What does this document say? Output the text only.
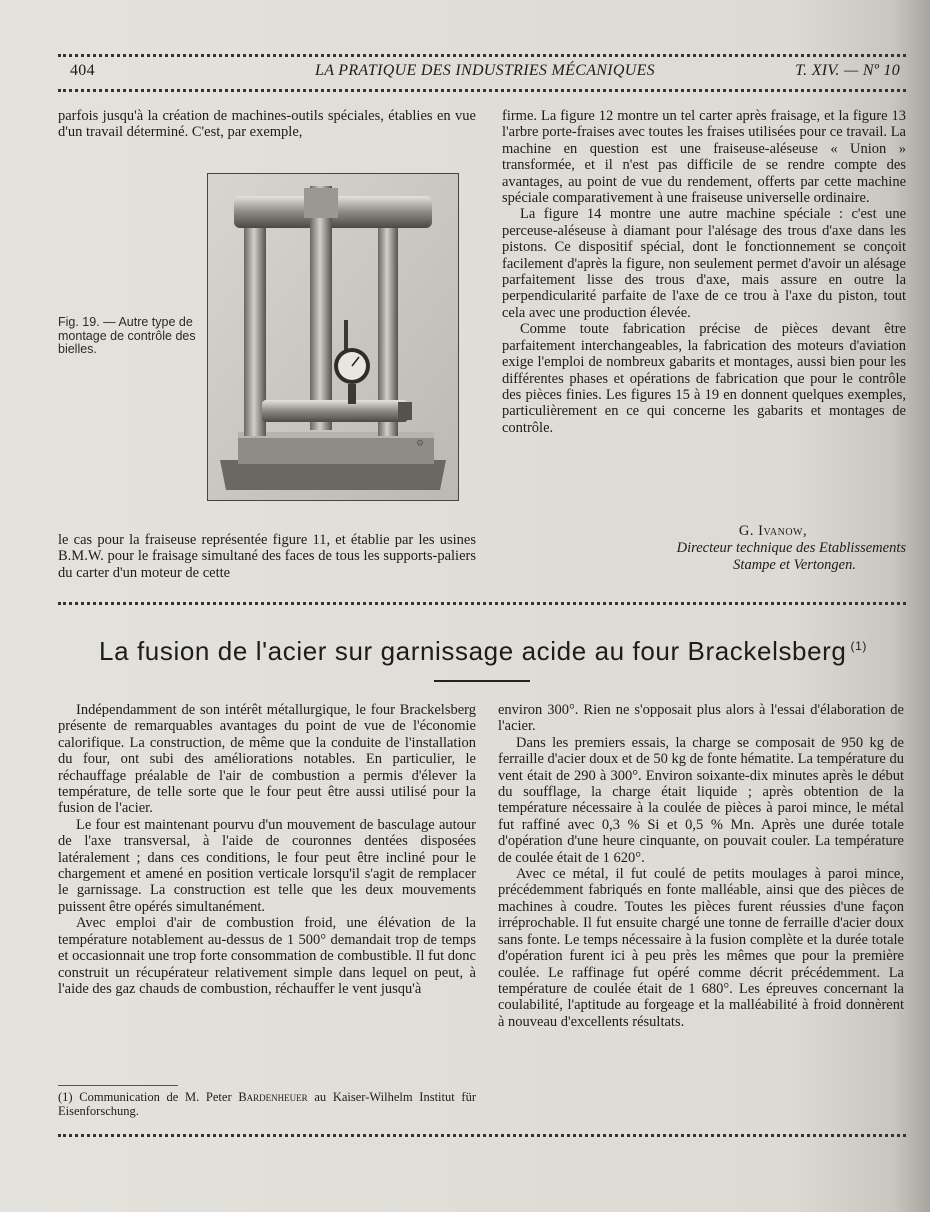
404	LA PRATIQUE DES INDUSTRIES MÉCANIQUES	T. XIV. — Nº 10

parfois jusqu'à la création de machines-outils spéciales, établies en vue d'un travail déterminé. C'est, par exemple,

⚙
Fig. 19. — Autre type de montage de contrôle des bielles.

le cas pour la fraiseuse représentée figure 11, et établie par les usines B.M.W. pour le fraisage simultané des faces de tous les supports-paliers du carter d'un moteur de cette

firme. La figure 12 montre un tel carter après fraisage, et la figure 13 l'arbre porte-fraises avec toutes les fraises utilisées pour ce travail. La machine en question est une fraiseuse-aléseuse « Union » transformée, et il n'est pas difficile de se rendre compte des avantages, au point de vue du rendement, offerts par cette machine spéciale comparativement à une fraiseuse universelle ordinaire.

La figure 14 montre une autre machine spéciale : c'est une perceuse-aléseuse à diamant pour l'alésage des trous d'axe dans les pistons. Ce dispositif spécial, dont le fonctionnement se conçoit facilement d'après la figure, non seulement permet d'avoir un alésage parfaitement lisse des trous d'axe, mais assure en outre la perpendicularité parfaite de l'axe de ce trou à l'axe du piston, tout cela avec une production élevée.

Comme toute fabrication précise de pièces devant être parfaitement interchangeables, la fabrication des moteurs d'aviation exige l'emploi de nombreux gabarits et montages, aussi bien pour les différentes phases et opérations de fabrication que pour le contrôle des pièces finies. Les figures 15 à 19 en donnent quelques exemples, particulièrement en ce qui concerne les gabarits et montages de contrôle.

G. Ivanow,
Directeur technique des Etablissements
Stampe et Vertongen.
La fusion de l'acier sur garnissage acide au four Brackelsberg $^{(1)}$

Indépendamment de son intérêt métallurgique, le four Brackelsberg présente de remarquables avantages du point de vue de l'économie calorifique. La construction, de même que la conduite de l'installation du four, ont subi des améliorations notables. En particulier, le réchauffage préalable de l'air de combustion a permis d'élever la température, de telle sorte que le four peut être aussi utilisé pour la fusion de l'acier.

Le four est maintenant pourvu d'un mouvement de basculage autour de l'axe transversal, à l'aide de couronnes dentées disposées latéralement ; dans ces conditions, le four peut être incliné pour le chargement et amené en position verticale lorsqu'il s'agit de remplacer le garnissage. La construction est telle que les deux mouvements puissent être opérés simultanément.

Avec emploi d'air de combustion froid, une élévation de la température notablement au-dessus de 1 500° demandait trop de temps et occasionnait une trop forte consommation de combustible. Il fut donc construit un récupérateur relativement simple dans lequel on peut, à l'aide des gaz chauds de combustion, réchauffer le vent jusqu'à

(1) Communication de M. Peter Bardenheuer au Kaiser-Wilhelm Institut für Eisenforschung.

environ 300°. Rien ne s'opposait plus alors à l'essai d'élaboration de l'acier.

Dans les premiers essais, la charge se composait de 950 kg de ferraille d'acier doux et de 50 kg de fonte hématite. La température du vent était de 290 à 300°. Environ soixante-dix minutes après le début du soufflage, la charge était liquide ; après obtention de la température nécessaire à la coulée de pièces à paroi mince, le métal fut raffiné avec 0,3 % Si et 0,5 % Mn. Après une durée totale d'opération d'une heure cinquante, on pouvait couler. La température de coulée était de 1 620°.

Avec ce métal, il fut coulé de petits moulages à paroi mince, précédemment fabriqués en fonte malléable, ainsi que des pièces de machines à coudre. Toutes les pièces furent réussies d'une façon irréprochable. Il fut ensuite chargé une tonne de ferraille d'acier doux sans fonte. Le temps nécessaire à la fusion complète et la durée totale d'opération furent ici à peu près les mêmes que pour la première coulée. Le raffinage fut opéré comme décrit précédemment. La température de coulée était de 1 680°. Les épreuves concernant la coulabilité, l'aptitude au forgeage et la malléabilité à froid donnèrent à nouveau d'excellents résultats.
